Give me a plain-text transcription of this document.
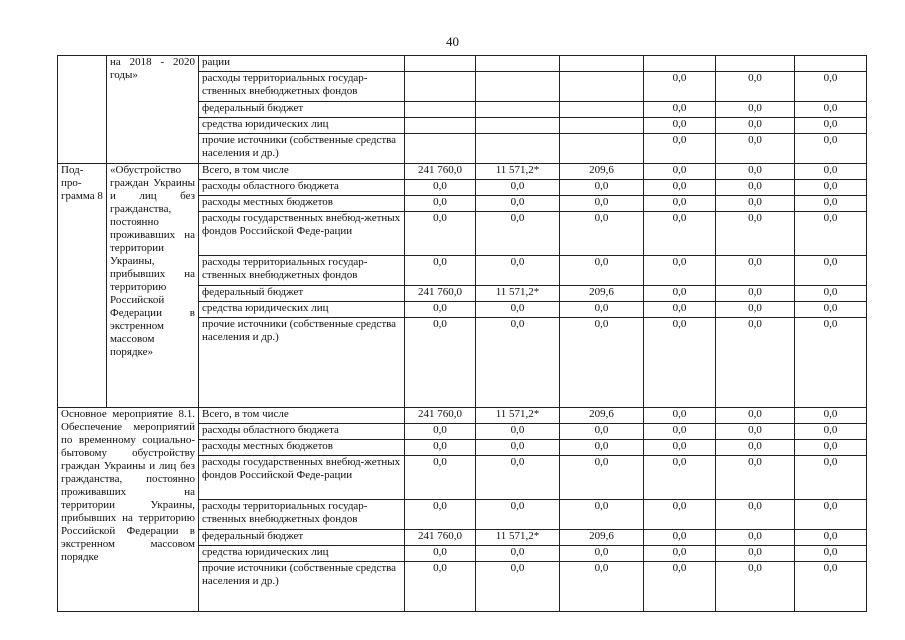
40
	на 2018 - 2020 годы»	рации						
		расходы территориальных государ-ственных внебюджетных фондов				0,0	0,0	0,0
		федеральный бюджет				0,0	0,0	0,0
		средства юридических лиц				0,0	0,0	0,0
		прочие источники (собственные средства населения и др.)				0,0	0,0	0,0
Под-про-грамма 8	«Обустройство граждан Украины и лиц без гражданства, постоянно проживавших на территории Украины, прибывших на территорию Российской Федерации в экстренном массовом порядке»	Всего, в том числе	241 760,0	11 571,2*	209,6	0,0	0,0	0,0
		расходы областного бюджета	0,0	0,0	0,0	0,0	0,0	0,0
		расходы местных бюджетов	0,0	0,0	0,0	0,0	0,0	0,0
		расходы государственных внебюд-жетных фондов Российской Феде-рации	0,0	0,0	0,0	0,0	0,0	0,0
		расходы территориальных государ-ственных внебюджетных фондов	0,0	0,0	0,0	0,0	0,0	0,0
		федеральный бюджет	241 760,0	11 571,2*	209,6	0,0	0,0	0,0
		средства юридических лиц	0,0	0,0	0,0	0,0	0,0	0,0
		прочие источники (собственные средства населения и др.)	0,0	0,0	0,0	0,0	0,0	0,0
Основное мероприятие 8.1. Обеспечение мероприятий по временному социально-бытовому обустройству граждан Украины и лиц без гражданства, постоянно проживавших на территории Украины, прибывших на территорию Российской Федерации в экстренном массовом порядке		Всего, в том числе	241 760,0	11 571,2*	209,6	0,0	0,0	0,0
		расходы областного бюджета	0,0	0,0	0,0	0,0	0,0	0,0
		расходы местных бюджетов	0,0	0,0	0,0	0,0	0,0	0,0
		расходы государственных внебюд-жетных фондов Российской Феде-рации	0,0	0,0	0,0	0,0	0,0	0,0
		расходы территориальных государ-ственных внебюджетных фондов	0,0	0,0	0,0	0,0	0,0	0,0
		федеральный бюджет	241 760,0	11 571,2*	209,6	0,0	0,0	0,0
		средства юридических лиц	0,0	0,0	0,0	0,0	0,0	0,0
		прочие источники (собственные средства населения и др.)	0,0	0,0	0,0	0,0	0,0	0,0
